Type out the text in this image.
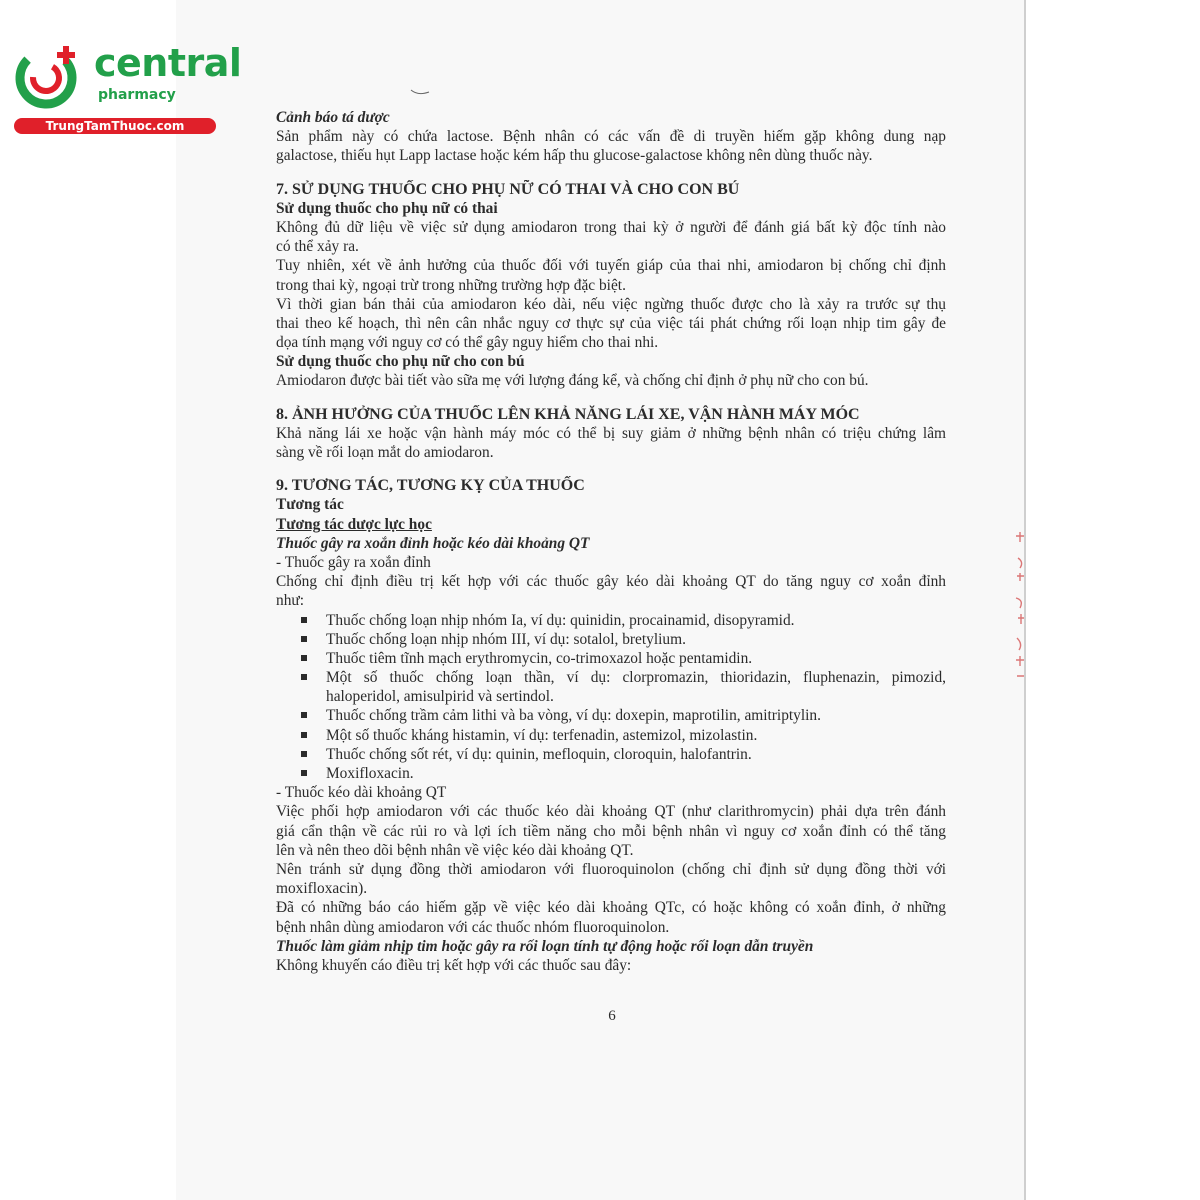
central
pharmacy
TrungTamThuoc.com	Cảnh báo tá dược
Sản phẩm này có chứa lactose. Bệnh nhân có các vấn đề di truyền hiếm gặp không dung nạp
galactose, thiếu hụt Lapp lactase hoặc kém hấp thu glucose-galactose không nên dùng thuốc này.
7. SỬ DỤNG THUỐC CHO PHỤ NỮ CÓ THAI VÀ CHO CON BÚ
Sử dụng thuốc cho phụ nữ có thai
Không đủ dữ liệu về việc sử dụng amiodaron trong thai kỳ ở người để đánh giá bất kỳ độc tính nào
có thể xảy ra.
Tuy nhiên, xét về ảnh hưởng của thuốc đối với tuyến giáp của thai nhi, amiodaron bị chống chỉ định
trong thai kỳ, ngoại trừ trong những trường hợp đặc biệt.
Vì thời gian bán thải của amiodaron kéo dài, nếu việc ngừng thuốc được cho là xảy ra trước sự thụ
thai theo kế hoạch, thì nên cân nhắc nguy cơ thực sự của việc tái phát chứng rối loạn nhịp tim gây đe
dọa tính mạng với nguy cơ có thể gây nguy hiểm cho thai nhi.
Sử dụng thuốc cho phụ nữ cho con bú
Amiodaron được bài tiết vào sữa mẹ với lượng đáng kể, và chống chỉ định ở phụ nữ cho con bú.
8. ẢNH HƯỞNG CỦA THUỐC LÊN KHẢ NĂNG LÁI XE, VẬN HÀNH MÁY MÓC
Khả năng lái xe hoặc vận hành máy móc có thể bị suy giảm ở những bệnh nhân có triệu chứng lâm
sàng về rối loạn mắt do amiodaron.
9. TƯƠNG TÁC, TƯƠNG KỴ CỦA THUỐC
Tương tác
Tương tác dược lực học
Thuốc gây ra xoắn đỉnh hoặc kéo dài khoảng QT
- Thuốc gây ra xoắn đỉnh
Chống chỉ định điều trị kết hợp với các thuốc gây kéo dài khoảng QT do tăng nguy cơ xoắn đỉnh
như:
Thuốc chống loạn nhịp nhóm Ia, ví dụ: quinidin, procainamid, disopyramid.
Thuốc chống loạn nhịp nhóm III, ví dụ: sotalol, bretylium.
Thuốc tiêm tĩnh mạch erythromycin, co-trimoxazol hoặc pentamidin.
Một số thuốc chống loạn thần, ví dụ: clorpromazin, thioridazin, fluphenazin, pimozid,
haloperidol, amisulpirid và sertindol.
Thuốc chống trầm cảm lithi và ba vòng, ví dụ: doxepin, maprotilin, amitriptylin.
Một số thuốc kháng histamin, ví dụ: terfenadin, astemizol, mizolastin.
Thuốc chống sốt rét, ví dụ: quinin, mefloquin, cloroquin, halofantrin.
Moxifloxacin.
- Thuốc kéo dài khoảng QT
Việc phối hợp amiodaron với các thuốc kéo dài khoảng QT (như clarithromycin) phải dựa trên đánh
giá cẩn thận về các rủi ro và lợi ích tiềm năng cho mỗi bệnh nhân vì nguy cơ xoắn đỉnh có thể tăng
lên và nên theo dõi bệnh nhân về việc kéo dài khoảng QT.
Nên tránh sử dụng đồng thời amiodaron với fluoroquinolon (chống chỉ định sử dụng đồng thời với
moxifloxacin).
Đã có những báo cáo hiếm gặp về việc kéo dài khoảng QTc, có hoặc không có xoắn đỉnh, ở những
bệnh nhân dùng amiodaron với các thuốc nhóm fluoroquinolon.
Thuốc làm giảm nhịp tim hoặc gây ra rối loạn tính tự động hoặc rối loạn dẫn truyền
Không khuyến cáo điều trị kết hợp với các thuốc sau đây:
6
